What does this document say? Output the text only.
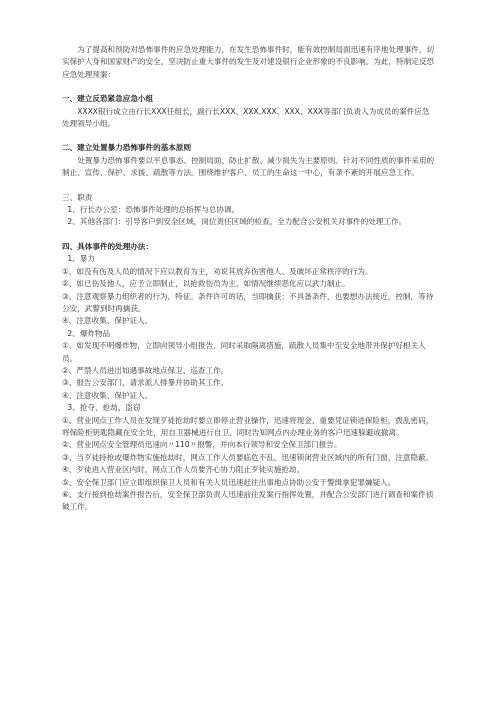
为了提高和预防对恐怖事件的应急处理能力，在发生恐怖事件时，能有效控制局面迅速有序地处理事件，切实保护人身和国家财产的安全，坚决防止重大事件的发生及对建设银行企业形象的不良影响。为此，特制定反恐应急处理预案：

一、建立反恐紧急应急小组

XXXX银行成立由行长XXX任组长，副行长XXX、XXX,XXX、XXX、XXX等部门负责人为成员的案件应急处理领导小组。

二、建立处置暴力恐怖事件的基本原则

处置暴力恐怖事件要以平息事态、控制局面、防止扩散、减少损失为主要原则。针对不同性质的事件采用的制止、宣传、保护、求援、疏散等方法。围绕维护客户、员工的生命这一中心，有条不紊的开展应急工作。

三、职责

1、行长办公室：恐怖事件处理的总指挥与总协调。

2、其他各部门：引导客户到安全区域，岗位责任区域的检查，全力配合公安机关对事件的处理工作。

四、具体事件的处理办法：

1、暴力

①、如没有伤及人员的情况下应以教育为主，劝说其放弃伤害他人、及破坏正常秩序的行为。

②、如已伤及他人，应予立即制止，以抢救伤员为主，如情况继续恶化应以武力制止。

③、注意观察暴力组织者的行为，特征。条件许可的话，当即擒获；不具备条件，也要想办法接近，控制，等待公安，武警到时再擒获。

④、注意收集、保护证人。

2、爆炸物品

①、如发现不明爆炸物，立即向领导小组报告，同时采取隔离措施，疏散人员集中至安全地带并保护好相关人员。

②、严禁人员进出如遇事故地点保卫、巡查工作。

③、报告公安部门，请求派人排暴并协助其工作。

④、注意收集、保护证人。

3、抢夺、抢劫、盗窃

①、营业网点工作人员在发现歹徒抢劫时要立即停止营业操作，迅速将现金、重要凭证锁进保险柜，拨乱密码，将保险柜钥匙隐藏在安全处，用自卫器械进行自卫，同时告知网点内办理业务的客户迅速躲避或撤离。

②、营业网点安全管理员迅速向〃110〃报警，并向本行领导和安全保卫部门报告。

③、当歹徒持枪或爆炸物实施抢劫时，网点工作人员要临危不乱，迅速锁闭营业区域内的所有门窗，注意隐蔽。

④、歹徒进入营业区内时，网点工作人员要齐心协力阻止歹徒实施抢劫。

⑤、安全保卫部门应立即组织保卫人员和有关人员迅速赶往出事地点协助公安干警缉拿犯罪嫌疑人。

⑥、支行接到抢劫案件报告后，安全保卫部负责人迅速前往发案行指挥处置，并配合公安部门进行调查和案件侦破工作。
